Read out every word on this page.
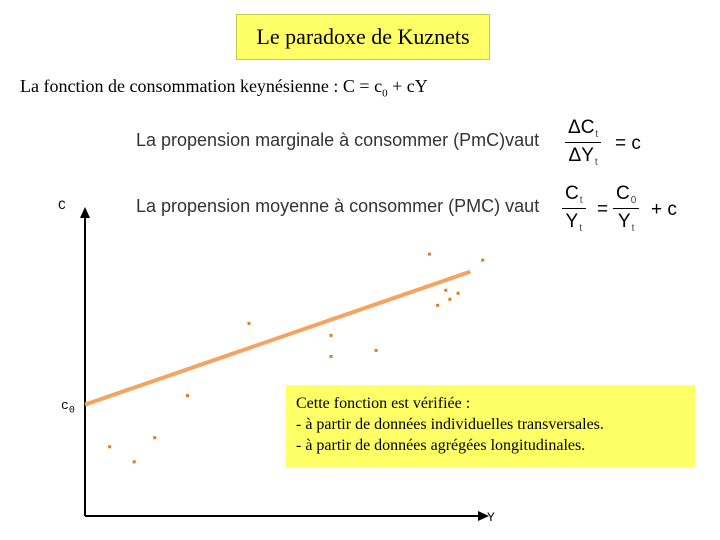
Le paradoxe de Kuznets
La fonction de consommation keynésienne : $C = c_0$ + cY
La propension marginale à consommer (PmC)vaut
$\Delta C_t$
$\Delta Y_t$
= c
La propension moyenne à consommer (PMC) vaut $\frac{C_t}{Y_t} = \frac{C_0}{Y_t} + c$
C
$c_0$
Y
Cette fonction est vérifiée :
- à partir de données individuelles transversales.
- à partir de données agrégées longitudinales.
